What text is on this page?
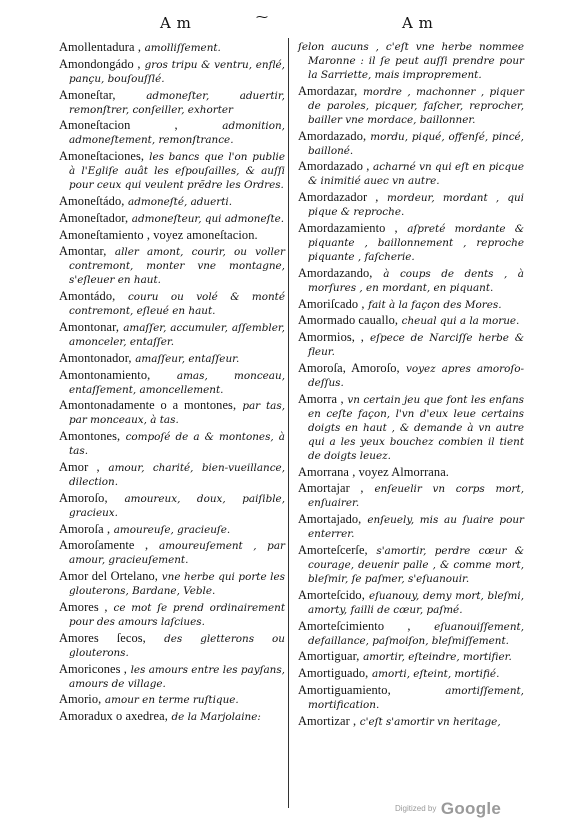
A m	⁓	A m

Amollentadura , amolliſſement.

Amondongádo , gros tripu & ventru, enflé, pançu, bouſouſſlé.

Amoneſtar,	admoneſter, aduertir, remonſtrer, conſeiller, exhorter

Amoneſtacion ,	admonition, admoneſtement, remonſtrance.

Amoneſtaciones, les bancs que l'on publie à l'Egliſe auât les eſpouſailles, & auſſi pour ceux qui veulent prẽdre les Ordres.

Amoneſtádo, admoneſté, aduerti.

Amoneſtador, admoneſteur, qui admoneſte.

Amoneſtamiento , voyez amoneſtacion.

Amontar, aller amont, courir, ou voller contremont, monter vne montagne, s'eſleuer en haut.

Amontádo, couru ou volé & monté contremont, eſleué en haut.

Amontonar, amaſſer, accumuler, aſſembler, amonceler, entaſſer.

Amontonador, amaſſeur, entaſſeur.

Amontonamiento,	amas, monceau, entaſſement, amoncellement.

Amontonadamente o a montones, par tas, par monceaux, à tas.

Amontones, compoſé de a & montones, à tas.

Amor , amour, charité, bien-vueillance, dilection.

Amoroſo, amoureux, doux, paiſible, gracieux.

Amoroſa , amoureuſe, gracieuſe.

Amoroſamente , amoureuſement , par amour, gracieuſement.

Amor del Ortelano, vne herbe qui porte les glouterons, Bardane, Veble.

Amores , ce mot ſe prend ordinairement pour des amours laſciues.

Amores ſecos, des gletterons ou glouterons.

Amoricones , les amours entre les payſans, amours de village.

Amorio, amour en terme ruſtique.

Amoradux o axedrea, de la Marjolaine:

ſelon aucuns , c'eſt vne herbe nommee Maronne : il ſe peut auſſi prendre pour la Sarriette, mais improprement.

Amordazar, mordre , machonner , piquer de paroles, picquer, faſcher, reprocher, bailler vne mordace, baillonner.

Amordazado, mordu, piqué, offenſé, pincé, bailloné.

Amordazado , acharné vn qui eſt en picque & inimitié auec vn autre.

Amordazador , mordeur, mordant , qui pique & reproche.

Amordazamiento , aſpreté mordante & piquante , baillonnement , reproche piquante , faſcherie.

Amordazando, à coups de dents , à morſures , en mordant, en piquant.

Amoriſcado , fait à la façon des Mores.

Amormado cauallo, cheual qui a la morue.

Amormios, , eſpece de Narciſſe herbe & fleur.

Amoroſa, Amoroſo, voyez apres amoroſo-deſſus.

Amorra , vn certain jeu que font les enfans en ceſte façon, l'vn d'eux leue certains doigts en haut , & demande à vn autre qui a les yeux bouchez combien il tient de doigts leuez.

Amorrana , voyez Almorrana.

Amortajar , enſeuelir vn corps mort, enſuairer.

Amortajado, enſeuely, mis au ſuaire pour enterrer.

Amorteſcerſe, s'amortir, perdre cœur & courage, deuenir palle , & comme mort, bleſmir, ſe paſmer, s'eſuanouir.

Amorteſcido, eſuanouy, demy mort, bleſmi, amorty, failli de cœur, paſmé.

Amorteſcimiento , eſuanouiſſement, defaillance, paſmoiſon, bleſmiſſement.

Amortiguar, amortir, eſteindre, mortifier.

Amortiguado, amorti, eſteint, mortifié.

Amortiguamiento,	amortiſſement, mortification.

Amortizar , c'eſt s'amortir vn heritage,

Digitized by Google
